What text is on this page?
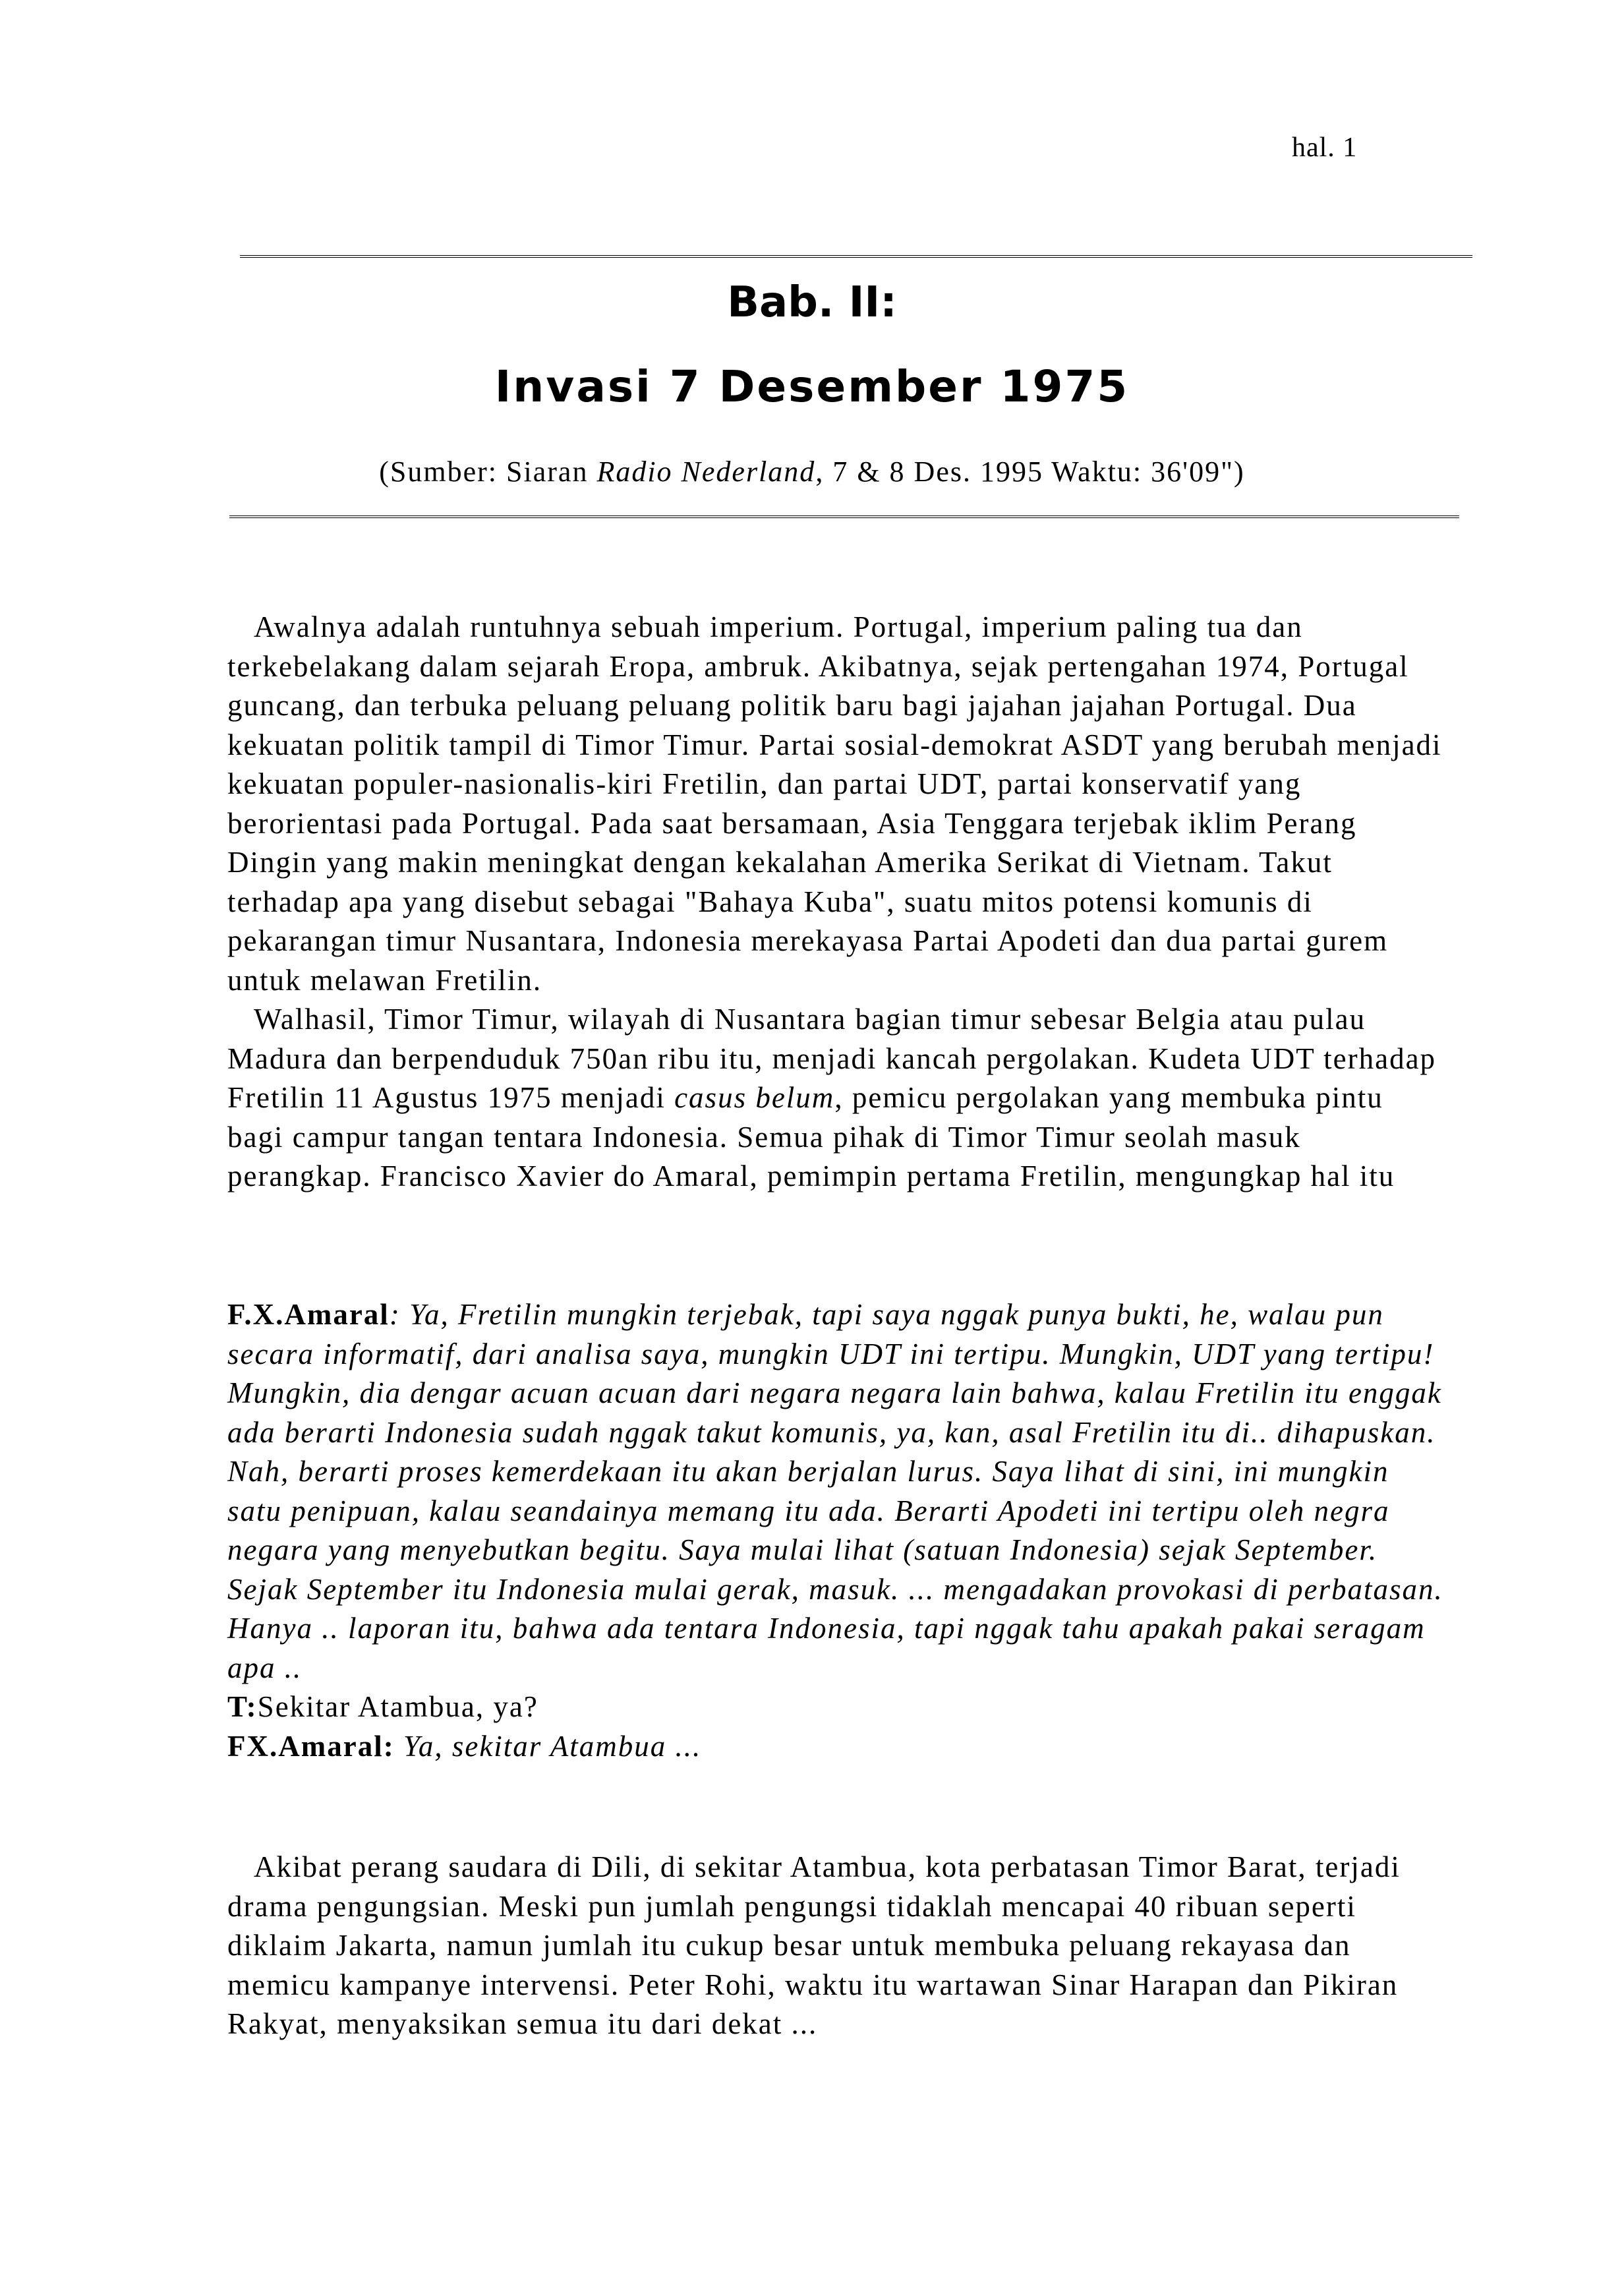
hal. 1
Bab. II:
Invasi 7 Desember 1975
(Sumber: Siaran Radio Nederland, 7 & 8 Des. 1995 Waktu: 36'09")

Awalnya adalah runtuhnya sebuah imperium. Portugal, imperium paling tua dan terkebelakang dalam sejarah Eropa, ambruk. Akibatnya, sejak pertengahan 1974, Portugal guncang, dan terbuka peluang peluang politik baru bagi jajahan jajahan Portugal. Dua kekuatan politik tampil di Timor Timur. Partai sosial-demokrat ASDT yang berubah menjadi kekuatan populer-nasionalis-kiri Fretilin, dan partai UDT, partai konservatif yang berorientasi pada Portugal. Pada saat bersamaan, Asia Tenggara terjebak iklim Perang Dingin yang makin meningkat dengan kekalahan Amerika Serikat di Vietnam. Takut terhadap apa yang disebut sebagai "Bahaya Kuba", suatu mitos potensi komunis di pekarangan timur Nusantara, Indonesia merekayasa Partai Apodeti dan dua partai gurem untuk melawan Fretilin.

Walhasil, Timor Timur, wilayah di Nusantara bagian timur sebesar Belgia atau pulau Madura dan berpenduduk 750an ribu itu, menjadi kancah pergolakan. Kudeta UDT terhadap Fretilin 11 Agustus 1975 menjadi casus belum, pemicu pergolakan yang membuka pintu bagi campur tangan tentara Indonesia. Semua pihak di Timor Timur seolah masuk perangkap. Francisco Xavier do Amaral, pemimpin pertama Fretilin, mengungkap hal itu

F.X.Amaral: Ya, Fretilin mungkin terjebak, tapi saya nggak punya bukti, he, walau pun secara informatif, dari analisa saya, mungkin UDT ini tertipu. Mungkin, UDT yang tertipu! Mungkin, dia dengar acuan acuan dari negara negara lain bahwa, kalau Fretilin itu enggak ada berarti Indonesia sudah nggak takut komunis, ya, kan, asal Fretilin itu di.. dihapuskan. Nah, berarti proses kemerdekaan itu akan berjalan lurus. Saya lihat di sini, ini mungkin satu penipuan, kalau seandainya memang itu ada. Berarti Apodeti ini tertipu oleh negra negara yang menyebutkan begitu. Saya mulai lihat (satuan Indonesia) sejak September. Sejak September itu Indonesia mulai gerak, masuk. ... mengadakan provokasi di perbatasan. Hanya .. laporan itu, bahwa ada tentara Indonesia, tapi nggak tahu apakah pakai seragam apa ..

T:Sekitar Atambua, ya?

FX.Amaral: Ya, sekitar Atambua ...

Akibat perang saudara di Dili, di sekitar Atambua, kota perbatasan Timor Barat, terjadi drama pengungsian. Meski pun jumlah pengungsi tidaklah mencapai 40 ribuan seperti diklaim Jakarta, namun jumlah itu cukup besar untuk membuka peluang rekayasa dan memicu kampanye intervensi. Peter Rohi, waktu itu wartawan Sinar Harapan dan Pikiran Rakyat, menyaksikan semua itu dari dekat ...
